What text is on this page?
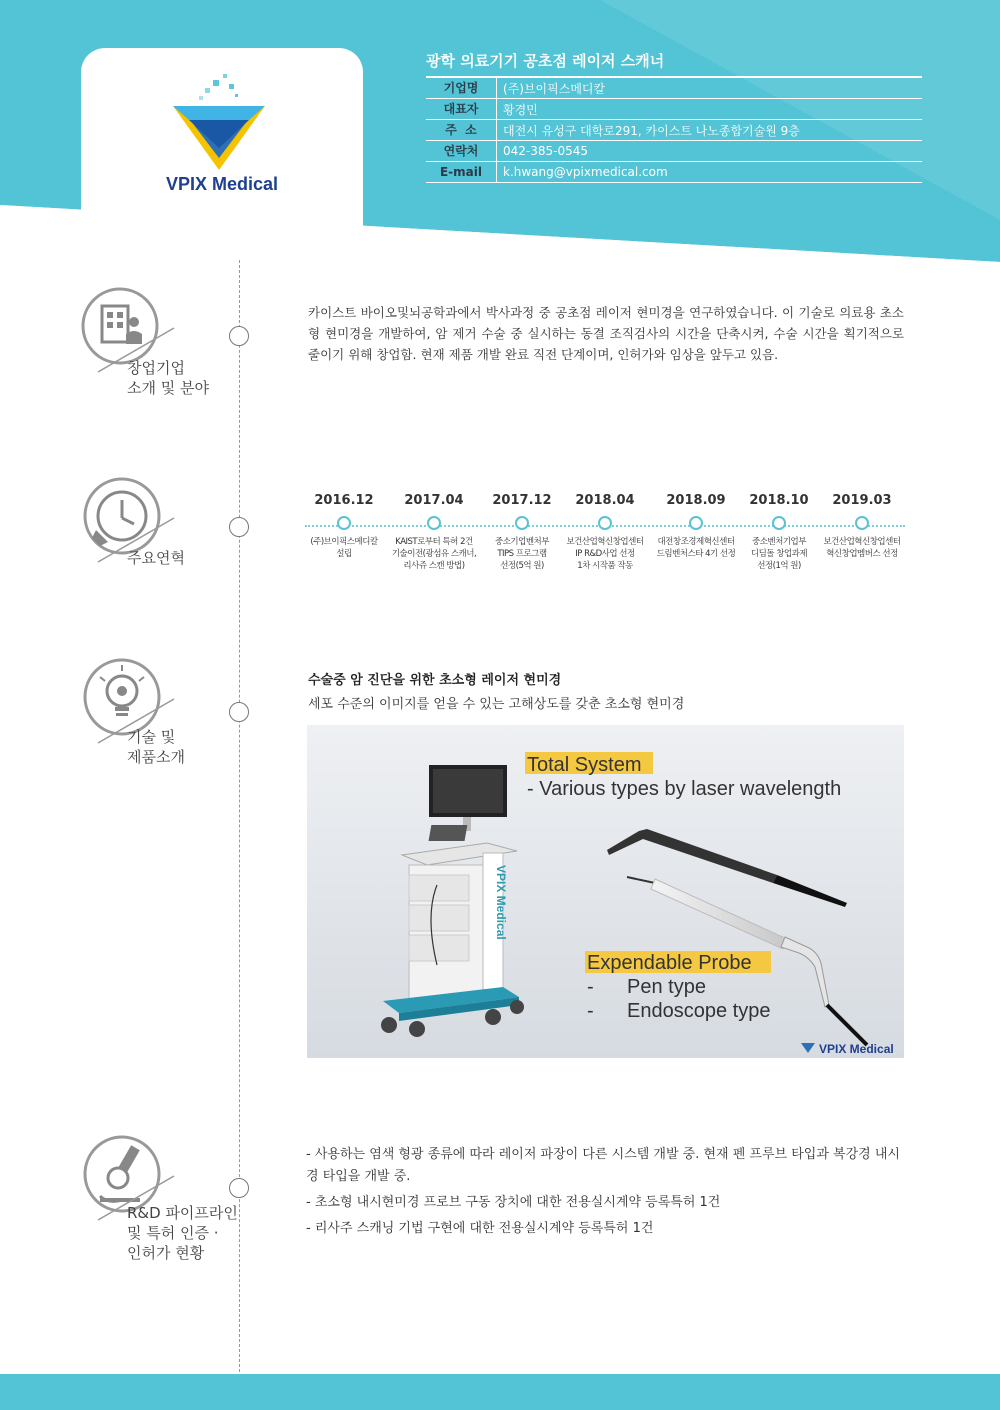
VPIX Medical
광학 의료기기 공초점 레이저 스캐너
기업명	(주)브이픽스메디칼
대표자	황경민
주  소	대전시 유성구 대학로291, 카이스트 나노종합기술원 9층
연락처	042-385-0545
E-mail	k.hwang@vpixmedical.com
창업기업
소개 및 분야
카이스트 바이오및뇌공학과에서 박사과정 중 공초점 레이저 현미경을 연구하였습니다. 이 기술로 의료용 초소형 현미경을 개발하여, 암 제거 수술 중 실시하는 동결 조직검사의 시간을 단축시켜, 수술 시간을 획기적으로 줄이기 위해 창업함. 현재 제품 개발 완료 직전 단계이며, 인허가와 임상을 앞두고 있음.
주요연혁
2016.12
(주)브이픽스메디칼
설립
2017.04
KAIST로부터 특허 2건
기술이전(광섬유 스캐너,
리사쥬 스캔 방법)
2017.12
중소기업벤처부
TIPS 프로그램
선정(5억 원)
2018.04
보건산업혁신창업센터
IP R&D사업 선정
1차 시작품 작동
2018.09
대전창조경제혁신센터
드림벤처스타 4기 선정
2018.10
중소벤처기업부
디딤돌 창업과제
선정(1억 원)
2019.03
보건산업혁신창업센터
혁신창업멤버스 선정
기술 및
제품소개
수술중 암 진단을 위한 초소형 레이저 현미경
세포 수준의 이미지를 얻을 수 있는 고해상도를 갖춘 초소형 현미경
VPIX Medical
Total System
- Various types by laser wavelength
Expendable Probe
-      Pen type
-      Endoscope type
VPIX Medical
R&D 파이프라인
및 특허 인증 ·
인허가 현황
- 사용하는 염색 형광 종류에 따라 레이저 파장이 다른 시스템 개발 중. 현재 펜 프루브 타입과 복강경 내시경 타입을 개발 중.
- 초소형 내시현미경 프로브 구동 장치에 대한 전용실시계약 등록특허 1건
- 리사주 스캐닝 기법 구현에 대한 전용실시계약 등록특허 1건
